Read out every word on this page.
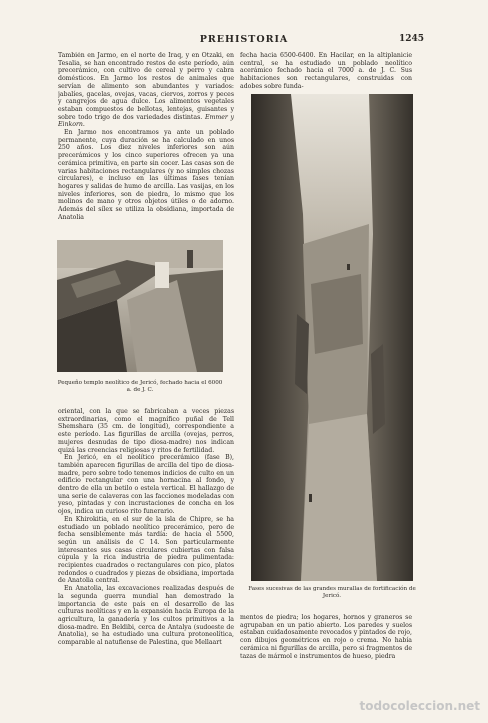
PREHISTORIA	1245

También en Jarmo, en el norte de Iraq, y en Otzaki, en Tesalia, se han encontrado restos de este período, aún precerámico, con cultivo de cereal y perro y cabra domésticos. En Jarmo los restos de animales que servían de alimento son abundantes y variados: jabalíes, gacelas, ovejas, vacas, ciervos, zorros y peces y cangrejos de agua dulce. Los alimentos vegetales estaban compuestos de bellotas, lentejas, guisantes y sobre todo trigo de dos variedades distintas. Emmer y Einkorn.

En Jarmo nos encontramos ya ante un poblado permanente, cuya duración se ha calculado en unos 250 años. Los diez niveles inferiores son aún precerámicos y los cinco superiores ofrecen ya una cerámica primitiva, en parte sin cocer. Las casas son de varias habitaciones rectangulares (y no simples chozas circulares), e incluso en las últimas fases tenían hogares y salidas de humo de arcilla. Las vasijas, en los niveles inferiores, son de piedra, lo mismo que los molinos de mano y otros objetos útiles o de adorno. Además del sílex se utiliza la obsidiana, importada de Anatolia

Pequeño templo neolítico de Jericó, fechado hacia el 6000 a. de J. C.

oriental, con la que se fabricaban a veces piezas extraordinarias, como el magnífico puñal de Tell Shemshara (35 cm. de longitud), correspondiente a este período. Las figurillas de arcilla (ovejas, perros, mujeres desnudas de tipo diosa-madre) nos indican quizá las creencias religiosas y ritos de fertilidad.

En Jericó, en el neolítico precerámico (fase B), también aparecen figurillas de arcilla del tipo de diosa-madre, pero sobre todo tenemos indicios de culto en un edificio rectangular con una hornacina al fondo, y dentro de ella un betilo o estela vertical. El hallazgo de una serie de calaveras con las facciones modeladas con yeso, pintadas y con incrustaciones de concha en los ojos, indica un curioso rito funerario.

En Khirokitia, en el sur de la isla de Chipre, se ha estudiado un poblado neolítico precerámico, pero de fecha sensiblemente más tardía: de hacia el 5500, según un análisis de C 14. Son particularmente interesantes sus casas circulares cubiertas con falsa cúpula y la rica industria de piedra pulimentada: recipientes cuadrados o rectangulares con pico, platos redondos o cuadrados y piezas de obsidiana, importada de Anatolia central.

En Anatolia, las excavaciones realizadas después de la segunda guerra mundial han demostrado la importancia de este país en el desarrollo de las culturas neolíticas y en la expansión hacia Europa de la agricultura, la ganadería y los cultos primitivos a la diosa-madre. En Beldibi, cerca de Antalya (sudoeste de Anatolia), se ha estudiado una cultura protoneolítica, comparable al natufiense de Palestina, que Mellaart

fecha hacia 6500-6400. En Hacilar, en la altiplanicie central, se ha estudiado un poblado neolítico acerámico fechado hacia el 7000 a. de J. C. Sus habitaciones son rectangulares, construidas con adobes sobre funda-

Fases sucesivas de las grandes murallas de fortificación de Jericó.

mentos de piedra; los hogares, hornos y graneros se agrupaban en un patio abierto. Los paredes y suelos estaban cuidadosamente revocados y pintados de rojo, con dibujos geométricos en rojo o crema. No había cerámica ni figurillas de arcilla, pero si fragmentos de tazas de mármol e instrumentos de hueso, piedra

todocoleccion.net
